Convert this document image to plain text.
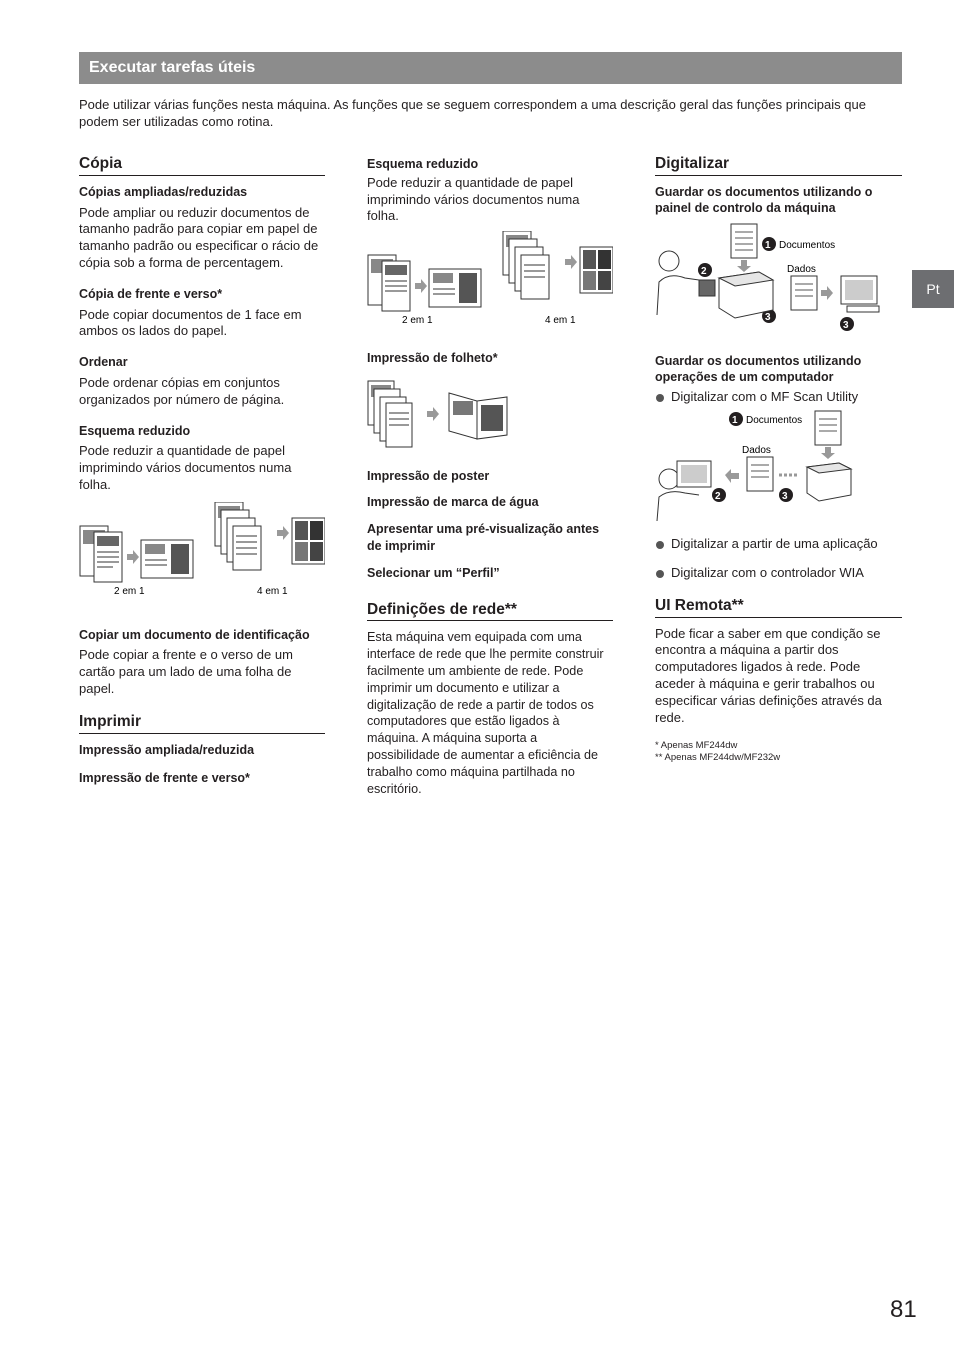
Executar tarefas úteis
Pode utilizar várias funções nesta máquina. As funções que se seguem correspondem a uma descrição geral das funções principais que podem ser utilizadas como rotina.
Cópia
Cópias ampliadas/reduzidas

Pode ampliar ou reduzir documentos de tamanho padrão para copiar em papel de tamanho padrão ou especificar o rácio de cópia sob a forma de percentagem.

Cópia de frente e verso*

Pode copiar documentos de 1 face em ambos os lados do papel.

Ordenar

Pode ordenar cópias em conjuntos organizados por número de página.

Esquema reduzido

Pode reduzir a quantidade de papel imprimindo vários documentos numa folha.

2 em 1	4 em 1
Copiar um documento de identificação

Pode copiar a frente e o verso de um cartão para um lado de uma folha de papel.

Imprimir
Impressão ampliada/reduzida
Impressão de frente e verso*
Esquema reduzido

Pode reduzir a quantidade de papel imprimindo vários documentos numa folha.

2 em 1	4 em 1
Impressão de folheto*
Impressão de poster
Impressão de marca de água
Apresentar uma pré-visualização antes de imprimir
Selecionar um “Perfil”
Definições de rede**

Esta máquina vem equipada com uma interface de rede que lhe permite construir facilmente um ambiente de rede. Pode imprimir um documento e utilizar a digitalização de rede a partir de todos os computadores que estão ligados à máquina. A máquina suporta a possibilidade de aumentar a eficiência de trabalho como máquina partilhada no escritório.

Digitalizar
Guardar os documentos utilizando o painel de controlo da máquina
3
3
1 Documentos
2	Dados
Guardar os documentos utilizando operações de um computador
Digitalizar com o MF Scan Utility
1 Documentos
Dados
2	3
Digitalizar a partir de uma aplicação
Digitalizar com o controlador WIA
UI Remota**

Pode ficar a saber em que condição se encontra a máquina a partir dos computadores ligados à rede. Pode aceder à máquina e gerir trabalhos ou especificar várias definições através da rede.

* Apenas MF244dw
** Apenas MF244dw/MF232w
Pt
81
